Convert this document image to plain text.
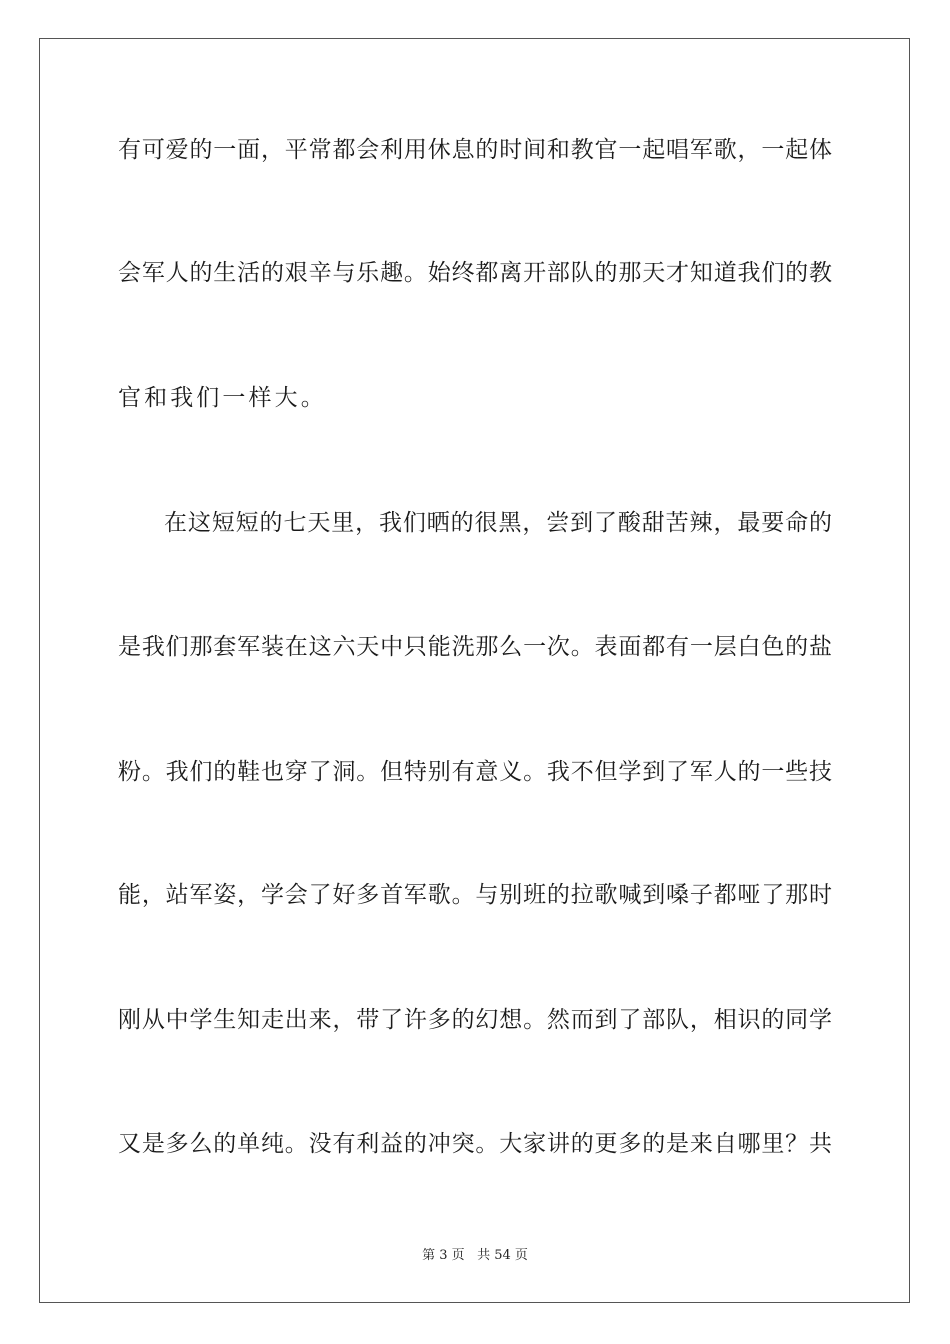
有可爱的一面，平常都会利用休息的时间和教官一起唱军歌，一起体
会军人的生活的艰辛与乐趣。始终都离开部队的那天才知道我们的教
官和我们一样大。
在这短短的七天里，我们晒的很黑，尝到了酸甜苦辣，最要命的
是我们那套军装在这六天中只能洗那么一次。表面都有一层白色的盐
粉。我们的鞋也穿了洞。但特别有意义。我不但学到了军人的一些技
能，站军姿，学会了好多首军歌。与别班的拉歌喊到嗓子都哑了那时
刚从中学生知走出来，带了许多的幻想。然而到了部队，相识的同学
又是多么的单纯。没有利益的冲突。大家讲的更多的是来自哪里？共
第 3 页 共 54 页
